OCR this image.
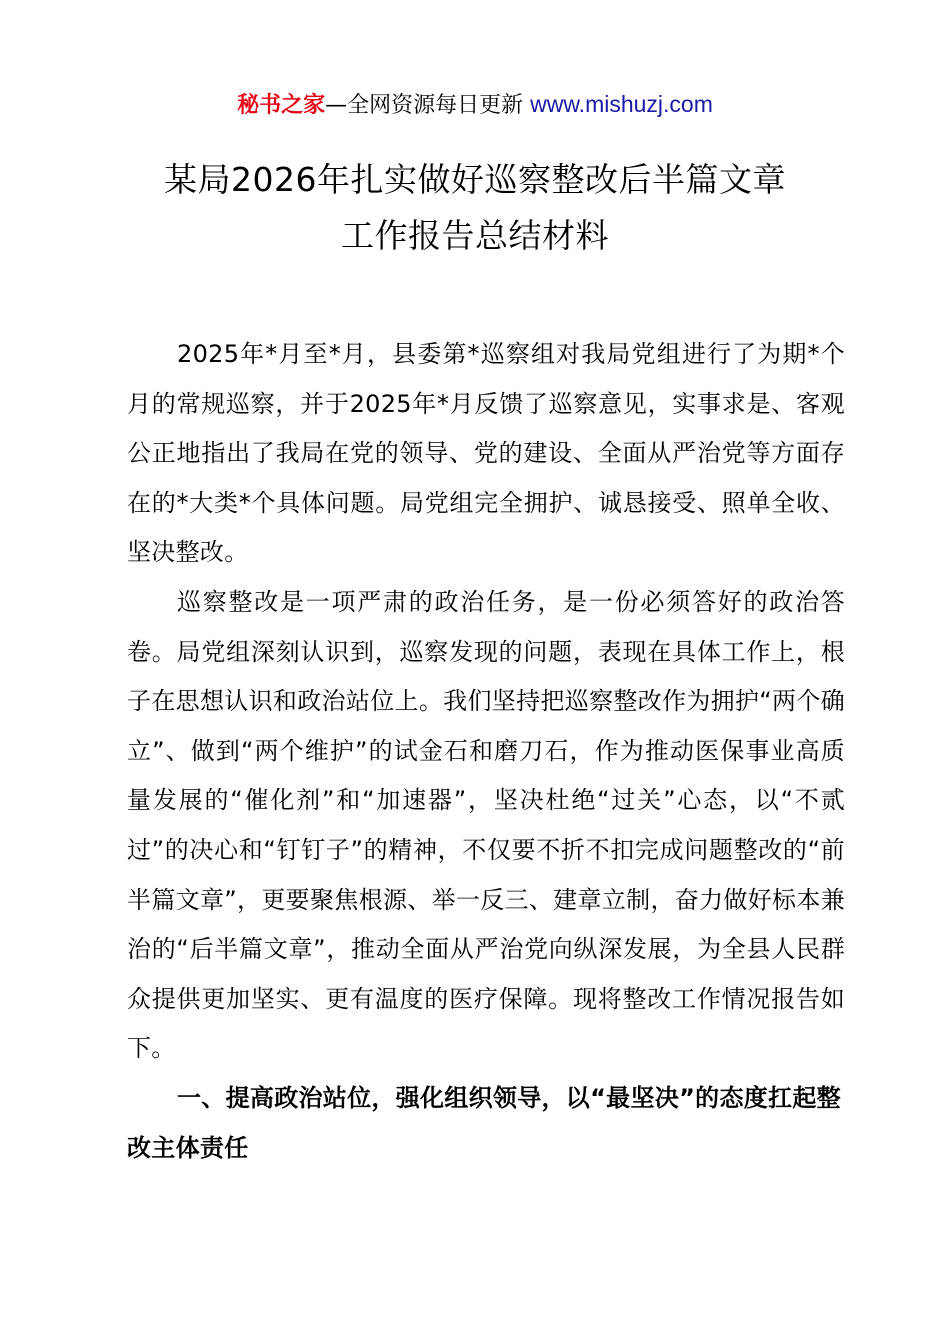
秘书之家—全网资源每日更新 www.mishuzj.com
某局2026年扎实做好巡察整改后半篇文章
工作报告总结材料

2025年*月至*月，县委第*巡察组对我局党组进行了为期*个月的常规巡察，并于2025年*月反馈了巡察意见，实事求是、客观公正地指出了我局在党的领导、党的建设、全面从严治党等方面存在的*大类*个具体问题。局党组完全拥护、诚恳接受、照单全收、坚决整改。

巡察整改是一项严肃的政治任务，是一份必须答好的政治答卷。局党组深刻认识到，巡察发现的问题，表现在具体工作上，根子在思想认识和政治站位上。我们坚持把巡察整改作为拥护“两个确立”、做到“两个维护”的试金石和磨刀石，作为推动医保事业高质量发展的“催化剂”和“加速器”，坚决杜绝“过关”心态，以“不贰过”的决心和“钉钉子”的精神，不仅要不折不扣完成问题整改的“前半篇文章”，更要聚焦根源、举一反三、建章立制，奋力做好标本兼治的“后半篇文章”，推动全面从严治党向纵深发展，为全县人民群众提供更加坚实、更有温度的医疗保障。现将整改工作情况报告如下。

一、提高政治站位，强化组织领导，以“最坚决”的态度扛起整改主体责任
